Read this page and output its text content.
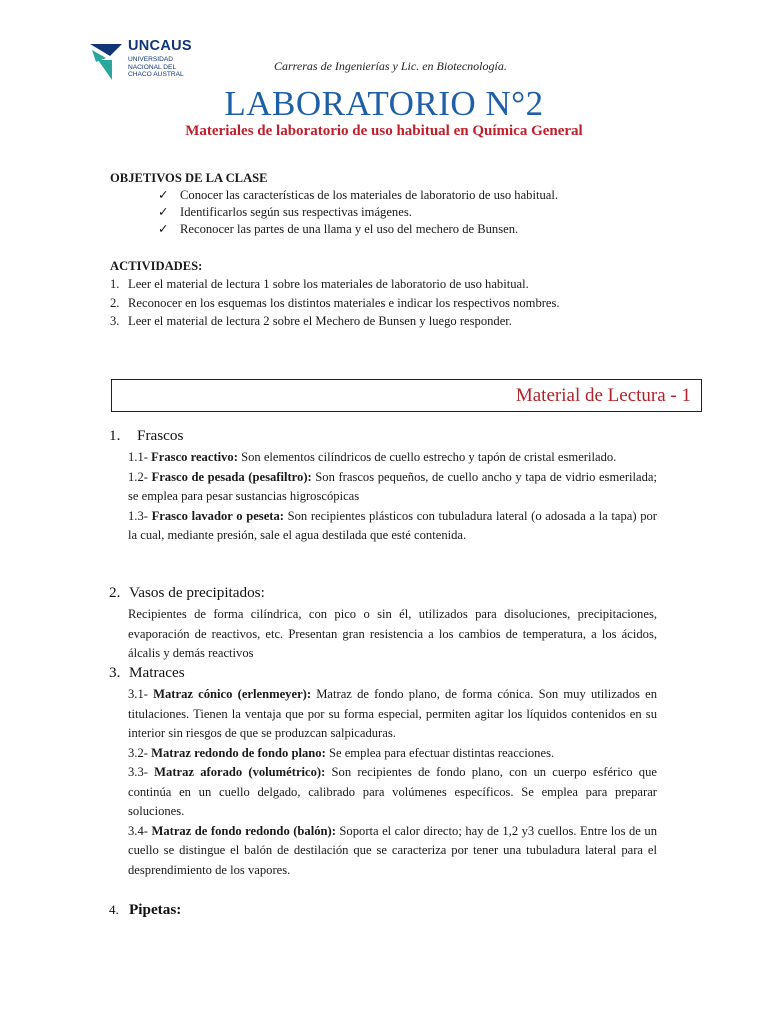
UNCAUS
UNIVERSIDAD
NACIONAL DEL
CHACO AUSTRAL
Carreras de Ingenierías y Lic. en Biotecnología.
LABORATORIO N°2
Materiales de laboratorio de uso habitual en Química General
OBJETIVOS DE LA CLASE
✓ Conocer las características de los materiales de laboratorio de uso habitual.
✓ Identificarlos según sus respectivas imágenes.
✓ Reconocer las partes de una llama y el uso del mechero de Bunsen.
ACTIVIDADES:
1. Leer el material de lectura 1 sobre los materiales de laboratorio de uso habitual.
2. Reconocer en los esquemas los distintos materiales e indicar los respectivos nombres.
3. Leer el material de lectura 2 sobre el Mechero de Bunsen y luego responder.
Material de Lectura - 1
1. Frascos
1.1- Frasco reactivo: Son elementos cilíndricos de cuello estrecho y tapón de cristal esmerilado.
1.2- Frasco de pesada (pesafiltro): Son frascos pequeños, de cuello ancho y tapa de vidrio esmerilada; se emplea para pesar sustancias higroscópicas
1.3- Frasco lavador o peseta: Son recipientes plásticos con tubuladura lateral (o adosada a la tapa) por la cual, mediante presión, sale el agua destilada que esté contenida.
2. Vasos de precipitados:
Recipientes de forma cilíndrica, con pico o sin él, utilizados para disoluciones, precipitaciones, evaporación de reactivos, etc. Presentan gran resistencia a los cambios de temperatura, a los ácidos, álcalis y demás reactivos
3. Matraces
3.1- Matraz cónico (erlenmeyer): Matraz de fondo plano, de forma cónica. Son muy utilizados en titulaciones. Tienen la ventaja que por su forma especial, permiten agitar los líquidos contenidos en su interior sin riesgos de que se produzcan salpicaduras.
3.2- Matraz redondo de fondo plano: Se emplea para efectuar distintas reacciones.
3.3- Matraz aforado (volumétrico): Son recipientes de fondo plano, con un cuerpo esférico que continúa en un cuello delgado, calibrado para volúmenes específicos. Se emplea para preparar soluciones.
3.4- Matraz de fondo redondo (balón): Soporta el calor directo; hay de 1,2 y3 cuellos. Entre los de un cuello se distingue el balón de destilación que se caracteriza por tener una tubuladura lateral para el desprendimiento de los vapores.
4. Pipetas:
